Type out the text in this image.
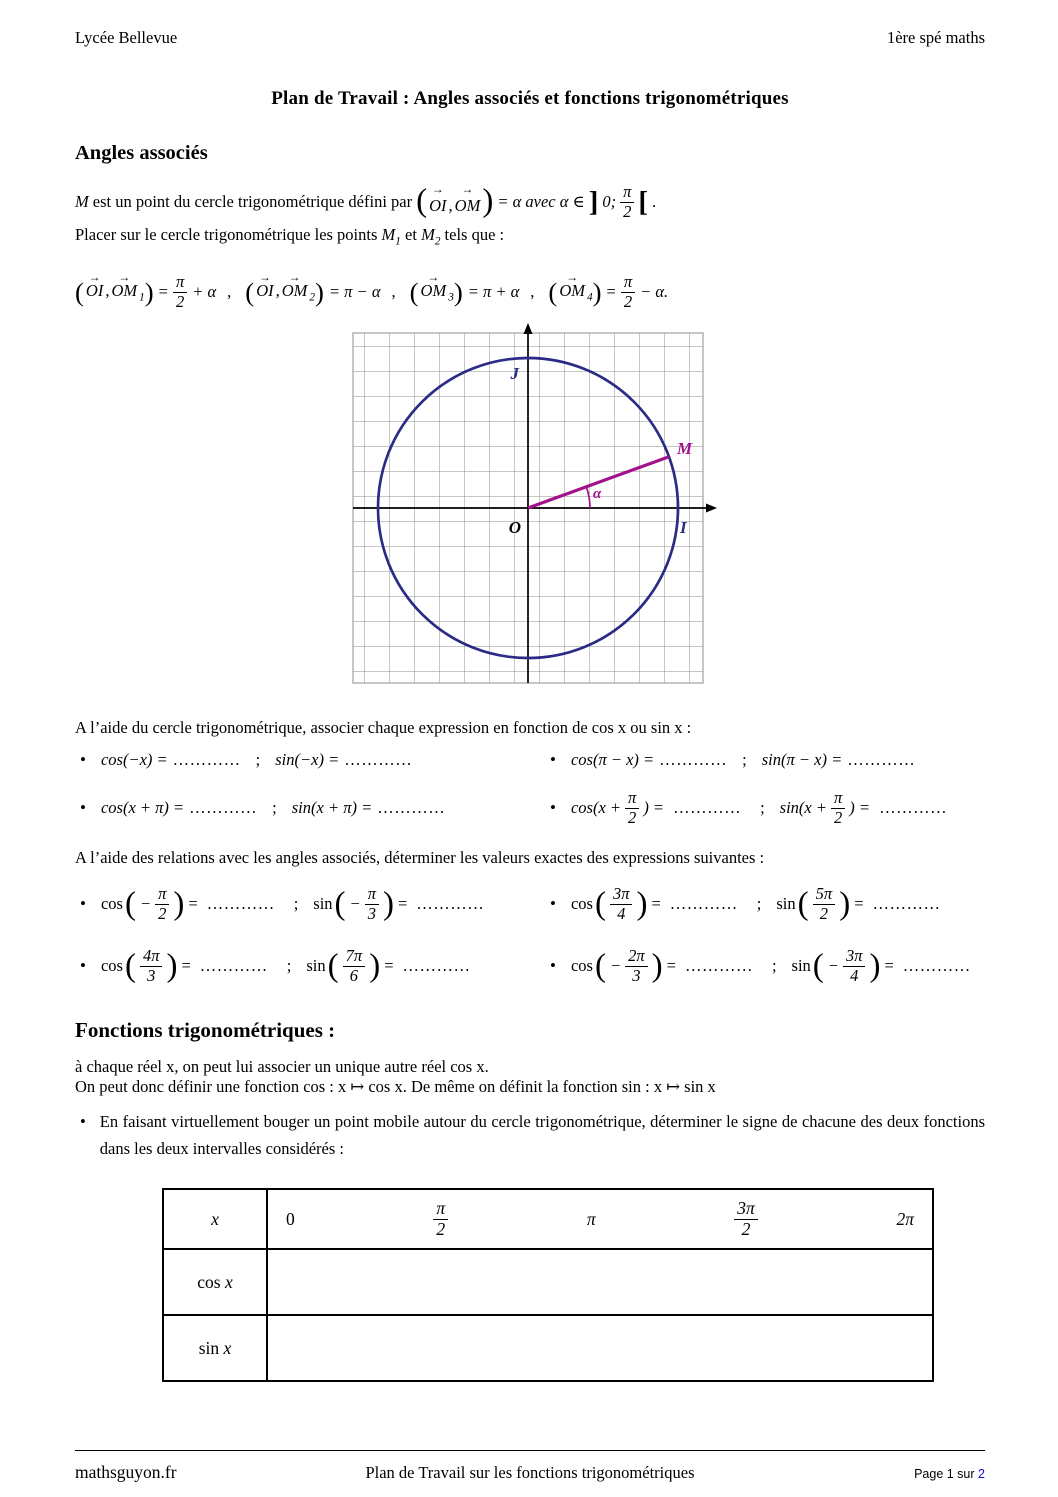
Lycée Bellevue	1ère spé maths
Plan de Travail : Angles associés et fonctions trigonométriques
Angles associés

M est un point du cercle trigonométrique défini par ( OI → , OM →) = α avec α ∈ ] 0; $\frac{\pi}{2}$ [ .

Placer sur le cercle trigonométrique les points $M_1$ et $M_2$ tels que :

( OI → , OM → $_1) = \frac{\pi}{2} + \alpha$ , ( OI → , OM → $_2$) = π − α , ( OM → $_3$) = π + α , ( OM → $_4) = \frac{\pi}{2} - \alpha$.
J
I
O
M
α

A l’aide du cercle trigonométrique, associer chaque expression en fonction de cos x ou sin x :

• cos(−x) = ………… ; sin(−x) = …………	• cos(π − x) = ………… ; sin(π − x) = …………
• cos(x + π) = ………… ; sin(x + π) = …………	• $\cos(x + \frac{\pi}{2}$ ) = ………… ; $\sin(x + \frac{\pi}{2}$ ) = …………

A l’aide des relations avec les angles associés, déterminer les valeurs exactes des expressions suivantes :

• cos ( − $\frac{\pi}{2}$ ) = ………… ; sin ( − $\frac{\pi}{3}$ ) = …………	• cos ( $\frac{3\pi}{4}$ ) = ………… ; sin ( $\frac{5\pi}{2}$ ) = …………
• cos ( $\frac{4\pi}{3}$ ) = ………… ; sin ( $\frac{7\pi}{6}$ ) = …………	• cos ( − $\frac{2\pi}{3}$ ) = ………… ; sin ( − $\frac{3\pi}{4}$ ) = …………
Fonctions trigonométriques :

à chaque réel x, on peut lui associer un unique autre réel cos x.

On peut donc définir une fonction cos : x ↦ cos x. De même on définit la fonction sin : x ↦ sin x

• En faisant virtuellement bouger un point mobile autour du cercle trigonométrique, déterminer le signe de chacune des deux fonctions dans les deux intervalles considérés :
x	0	$\frac{\pi}{2}$	π	$\frac{3\pi}{2}$	2π

cos x	
sin x	
mathsguyon.fr	Plan de Travail sur les fonctions trigonométriques	Page 1 sur 2
